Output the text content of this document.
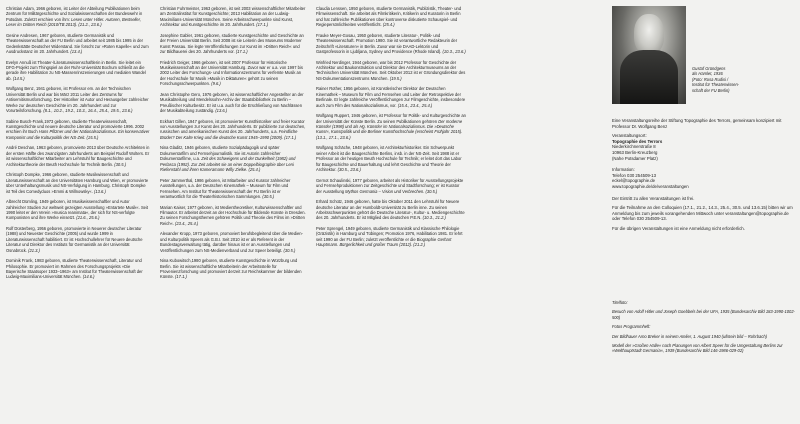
Christian Adam, 1966 geboren, ist Leiter der Abteilung Publikationen beim Zentrum für Militärgeschichte und Sozialwissenschaften der Bundeswehr in Potsdam. Zuletzt erschien von ihm: Lesen unter Hitler. Autoren, Bestseller, Leser im Dritten Reich (2010/TB 2013). (21.2., 23.6.)

Gesine Andresen, 1967 geboren, studierte Germanistik und Theaterwissenschaft an der FU Berlin und arbeitet seit 1985 bis 1995 in der Gedenkstätte Deutscher Widerstand. Sie forscht zur »Roten Kapelle« und zum Ausdruckstanz im 20. Jahrhundert. (13.4.)

Evelyn Annuß ist Theater-/Literaturwissenschaftlerin in Berlin. Sie leitet ein DFG-Projekt zum Thingspiel an der Ruhr-Universität Bochum schließt an die gerade ihre Habilitation zu NS-Massenrinszenierungen und medialen Wandel ab. (14.5.)

Wolfgang Benz, 1941 geboren, ist Professor em. an der Technischen Universität Berlin und war bis März 2011 Leiter des Zentrums für Antisemitismusforschung. Der Historiker ist Autor und Herausgeber zahlreicher Werke zur deutschen Geschichte im 20. Jahrhundert und zur Vorurteilsforschung. (8.1., 10.2., 19.2., 10.3., 16.4., 25.4., 19.5., 23.6.)

Sabine Busch-Frank,1973 geboren, studierte Theaterwissenschaft, Kunstgeschichte und neuere deutsche Literatur und promovierte 1996. 2002 erschien ihr Buch Hans Pfitzner und der Nationalsozialismus. Ein konservativer Komponist und die Kulturpolitik der NS-Zeit. (15.5.)

André Deschan, 1963 geboren, promovierte 2013 über Deutsche Architekten in der ersten Hälfte des zwanzigsten Jahrhunderts am Beispiel Rudolf Wolters. Er ist wissenschaftlicher Mitarbeiter am Lehrstuhl für Baugeschichte und Architekturtheorie der Beuth Hochschule für Technik Berlin. (30.5.)

Christoph Dompke, 1966 geboren, studierte Musikwissenschaft und Literaturwissenschaft an den Universitäten Hamburg und Wien, er promovierte über Unterhaltungsmusik und NS-Verfolgung in Hamburg. Christoph Dompke ist Teil des Comedyduos »Emmi & Willnowsky«. (13.6.)

Albrecht Dümling, 1949 geboren, ist Musikwissenschaftler und Autor zahlreicher Studien zur weltweit gezeigten Ausstellung »Entartete Musik«. Seit 1990 leitet er den Verein »musica reanimata«, der sich für NS-verfolgte Komponisten und ihre Werke einsetzt. (21.6., 25.6.)

Rolf Düsterberg, 1956 geboren, promovierte in Neuerer deutscher Literatur (1988) und Neuester Geschichte (2005) und wurde 1999 in Literaturwissenschaft habilitiert. Er ist Hochschullehrer für Neuere deutsche Literatur und Direktor des Instituts für Germanistik an der Universität Osnabrück. (21.3.)

Dominik Frank, 1983 geboren, studierte Theaterwissenschaft, Literatur und Philosophie. Er promoviert im Rahmen des Forschungsprojekts »Die Bayerische Staatsoper 1933–1963« am Institut für Theaterwissenschaft der Ludwig-Maximilians-Universität München. (14.6.)

Christian Fuhrmeister, 1963 geboren, ist seit 2003 wissenschaftlicher Mitarbeiter am Zentralinstitut für Kunstgeschichte; 2013 Habilitation an der Ludwig-Maximilians-Universität München. Seine Arbeitsschwerpunkte sind Kunst, Architektur und Kunstgeschichte im 20. Jahrhundert. (17.1.)

Josephine Gabler, 1961 geboren, studierte Kunstgeschichte und Geschichte an der Freien Universität Berlin. Seit 2008 ist sie Leiterin des Museums Moderner Kunst Passau. Sie legte Veröffentlichungen zur Kunst im »Dritten Reich« und zur Bildhauerei des 20. Jahrhunderts vor. (17.1.)

Friedrich Geiger, 1966 geboren, ist seit 2007 Professor für Historische Musikwissenschaft an der Universität Hamburg. Zuvor war er u.a. von 1997 bis 2002 Leiter des Forschungs- und Informationszentrums für verfemte Musik an der Hochschule für Musik »Musik in Diktaturen« gehört zu seinen Forschungsschwerpunkten. (9.6.)

Jean Christophe Gero, 1976 geboren, ist wissenschaftlicher Angestellter an der Musikabteilung und Mendelssohn-Archiv der Staatsbibliothek zu Berlin – Preußischer Kulturbesitz. Er ist u.a. auch für die Erschließung von Nachlässen der Musikabteilung zuständig. (13.6.)

Eckhart Gillen, 1947 geboren, ist promovierter Kunsthistoriker und freier Kurator von Ausstellungen zur Kunst des 20. Jahrhunderts. Er publizierte zur deutschen, russischen und amerikanischen Kunst des 20. Jahrhunderts, u.a. Feindliche Brüder? Der Kalte Krieg und die deutsche Kunst 1945–1990 (2009). (17.1.)

Nina Gladitz, 1946 geboren, studierte Sozialpädagogik und später Dokumentarfilm und Fernsehjournalistik. Sie ist Autorin zahlreicher Dokumentarfilme, u.a. Zeit des Schweigens und der Dunkelheit (1982) und Perlasca (1992). Zur Zeit arbeitet sie an einer Doppelbiographie über Leni Riefenstahl und ihren Kameramann Willy Zielke. (25.4.)

Peter Jammerthal, 1986 geboren, ist Mitarbeiter und Kurator zahlreicher Ausstellungen, u.a. der Deutschen Kinemathek – Museum für Film und Fernsehen. Am Institut für Theaterwissenschaft der FU Berlin ist er verantwortlich für die Theaterhistorischen Sammlungen. (30.5.)

Marian Kaiser, 1977 geboren, ist Medientheoretiker, Kulturwissenschaftler und Filmautor. Er arbeitet derzeit an der Hochschule für Bildende Künste in Dresden. Zu seinen Forschungsthemen gehören Politik und Theorie des Films im »Dritten Reich«. (23.4., 25.4.)

Alexander Kropp, 1973 geboren, promoviert berufsbegleitend über die Medien- und Kulturpolitik Speers als G.B.I. Seit 2010 ist er als Referent in der Bundestagsverwaltung tätig, darüber hinaus ist er an Ausstellungen und Veröffentlichungen zum NS-Medienverband und zur Speer beteiligt. (30.5.)

Nina Kubowitsch,1980 geboren, studierte Kunstgeschichte in Würzburg und Berlin. Sie ist wissenschaftliche Mitarbeiterin der Arbeitsstelle für Provenienzforschung und promoviert derzeit zur Reichskammer der bildenden Künste. (17.1.)

Claudia Lenssen, 1950 geboren, studierte Germanistik, Publizistik, Theater- und Filmwissenschaft. Sie arbeitet als Filmkritikerin, Kritikerin und Kuratorin in Berlin und hat zahlreiche Publikationen über kontroverse diskutierte Schauspiel- und Regiepersönlichkeiten veröffentlicht. (25.4.)

Frauke Meyer-Gosau, 1950 geboren, studierte Literatur-, Politik- und Theaterwissenschaft. Promotion 1980. Sie ist verantwortliche Redakteurin der Zeitschrift »Literaturen« in Berlin. Zuvor war sie DAAD-Lektorin und Gastprofessorin in Ljubljana, Sydney und Providence (Rhode Island). (10.3., 23.6.)

Winfried Nerdinger, 1944 geboren, war bis 2012 Professor für Geschichte der Architektur und Baukonstruktion und Direktor des Architekturmuseums an der Technischen Universität München. Seit Oktober 2012 ist er Gründungsdirektor des NS-Dokumentationszentrums München. (19.5.)

Rainer Rother, 1956 geboren, ist Künstlerischer Direktor der Deutschen Kinemathek – Museum für Film und Fernsehen und Leiter der Retrospektive der Berlinale. Er legte zahlreiche Veröffentlichungen zur Filmgeschichte, insbesondere auch zum Film des Nationalsozialismus, vor. (15.4., 23.4., 25.4.)

Wolfgang Ruppert, 1946 geboren, ist Professor für Politik- und Kulturgeschichte an der Universität der Künste Berlin. Zu seinen Publikationen gehören Der moderne Künstler (1998) und als Hg. Künstler im Nationalsozialismus. Die »Deutsche Kunst«, Kunstpolitik und die Berliner Kunsthochschule (erscheint Frühjahr 2015). (13.1., 17.1., 23.6.)

Wolfgang Schäche, 1948 geboren, ist Architekturhistoriker. Ein Schwerpunkt seiner Arbeit ist die Baugeschichte Berlins, insb. in der NS-Zeit. Seit 1988 ist er Professor an der heutigen Beuth Hochschule für Technik; er leitet dort das Labor für Baugeschichte und Bauerhaltung und lehrt Geschichte und Theorie der Architektur. (30.5., 23.6.)

Gernot Schaulinski, 1977 geboren, arbeitet als Historiker für Ausstellungsprojekte und Fernsehproduktionen zur Zeitgeschichte und Stadtforschung; er ist Kurator der Ausstellung Mythos Germania – Vision und Verbrechen. (30.5.)

Erhard Schütz, 1946 geboren, hatte bis Oktober 2011 den Lehrstuhl für Neuere deutsche Literatur an der Humboldt-Universität zu Berlin inne. Zu seinen Arbeitsschwerpunkten gehört die Deutsche Literatur-, Kultur- u. Mediengeschichte des 20. Jahrhunderts. Er ist Mitglied des deutschen P.E.N. (10.3., 21.2.)

Peter Sprengel, 1949 geboren, studierte Germanistik und Klassische Philologie (Gräzistik) in Hamburg und Tübingen; Promotion 1976, Habilitation 1981. Er lehrt seit 1990 an der FU Berlin; zuletzt veröffentlichte er die Biographie Gerhart Hauptmann. Bürgerlichkeit und großer Traum (2012). (21.2.)

Gustaf Gründgens
als Hamlet, 1936
(Foto: Rosa Rudisi /
Institut für Theaterwissen-
schaft der FU Berlin)

Eine Veranstaltungsreihe der Stiftung Topographie des Terrors, gemeinsam konzipiert mit Professor Dr. Wolfgang Benz

Veranstaltungsort:
Topographie des Terrors
Niederkirchnerstraße 8
10963 Berlin-Kreuzberg
(Nahe Potsdamer Platz)
Information:
Telefon 030 254509-13
eckel@topographie.de
www.topographie.de/de/veranstaltungen

Der Eintritt zu allen Veranstaltungen ist frei.

Für die Teilnahme an den Colloquien (17.1., 21.2., 14.3., 25.4., 30.5. und 13.6.15) bitten wir um Anmeldung bis zum jeweils vorangehenden Mittwoch unter veranstaltungen@topographie.de oder Telefon 030 254509-13.

Für die übrigen Veranstaltungen ist eine Anmeldung nicht erforderlich.

Titelfoto:

Besuch von Adolf Hitler und Joseph Goebbels bei der UFA, 1935 (Bundesarchiv Bild 183-1990-1002-500)

Fotos Programmheft:

Der Bildhauer Arno Breker in seinem Atelier, 1. August 1940 (ullstein bild – Rohrbach)

Modell der »Großen Halle« nach Planungen von Albert Speer für die Umgestaltung Berlins zur »Welthauptstadt Germania«, 1939 (Bundesarchiv Bild 146-1986-029-02)
